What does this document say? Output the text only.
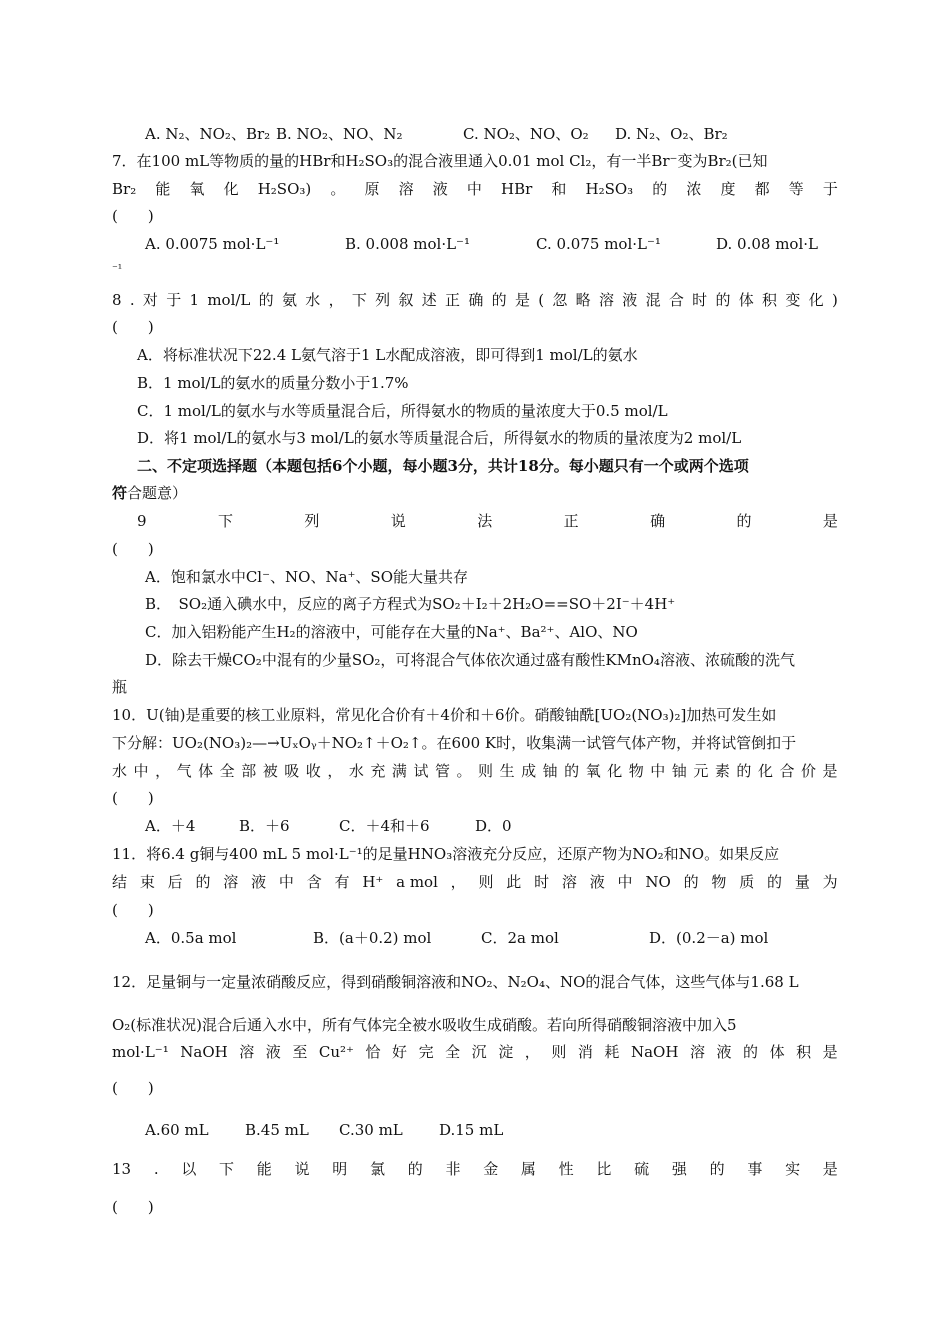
A. N₂、NO₂、Br₂ B. NO₂、NO、N₂	C. NO₂、NO、O₂	D. N₂、O₂、Br₂
7．在100 mL等物质的量的HBr和H₂SO₃的混合液里通入0.01 mol Cl₂，有一半Br⁻变为Br₂(已知
Br₂ 能 氧 化 H₂SO₃) 。 原 溶 液 中 HBr 和 H₂SO₃ 的 浓 度 都 等 于
(　　)
A. 0.0075 mol·L⁻¹	B. 0.008 mol·L⁻¹	C. 0.075 mol·L⁻¹	D. 0.08 mol·L
⁻¹
8 . 对 于 1 mol/L 的 氨 水 ， 下 列 叙 述 正 确 的 是 ( 忽 略 溶 液 混 合 时 的 体 积 变 化 )
(　　)
A．将标准状况下22.4 L氨气溶于1 L水配成溶液，即可得到1 mol/L的氨水
B．1 mol/L的氨水的质量分数小于1.7%
C．1 mol/L的氨水与水等质量混合后，所得氨水的物质的量浓度大于0.5 mol/L
D．将1 mol/L的氨水与3 mol/L的氨水等质量混合后，所得氨水的物质的量浓度为2 mol/L
二、不定项选择题（本题包括6个小题，每小题3分，共计18分。每小题只有一个或两个选项
符合题意）
9	下	列	说	法	正	确	的	是
(　　)
A．饱和氯水中Cl⁻、NO、Na⁺、SO能大量共存
B．　SO₂通入碘水中，反应的离子方程式为SO₂＋I₂＋2H₂O==SO＋2I⁻＋4H⁺
C．加入铝粉能产生H₂的溶液中，可能存在大量的Na⁺、Ba²⁺、AlO、NO
D．除去干燥CO₂中混有的少量SO₂，可将混合气体依次通过盛有酸性KMnO₄溶液、浓硫酸的洗气
瓶
10．U(铀)是重要的核工业原料，常见化合价有＋4价和＋6价。硝酸铀酰[UO₂(NO₃)₂]加热可发生如
下分解：UO₂(NO₃)₂—→UₓOᵧ＋NO₂↑＋O₂↑。在600 K时，收集满一试管气体产物，并将试管倒扣于
水 中 ， 气 体 全 部 被 吸 收 ， 水 充 满 试 管 。 则 生 成 铀 的 氧 化 物 中 铀 元 素 的 化 合 价 是
(　　)
A．＋4	B．＋6	C．＋4和＋6	D．0
11．将6.4 g铜与400 mL 5 mol·L⁻¹的足量HNO₃溶液充分反应，还原产物为NO₂和NO。如果反应
结 束 后 的 溶 液 中 含 有 H⁺ a mol ， 则 此 时 溶 液 中 NO 的 物 质 的 量 为
(　　)
A．0.5a mol	B．(a＋0.2) mol	C．2a mol	D．(0.2－a) mol
12．足量铜与一定量浓硝酸反应，得到硝酸铜溶液和NO₂、N₂O₄、NO的混合气体，这些气体与1.68 L
O₂(标准状况)混合后通入水中，所有气体完全被水吸收生成硝酸。若向所得硝酸铜溶液中加入5
mol·L⁻¹ NaOH 溶 液 至 Cu²⁺ 恰 好 完 全 沉 淀 ， 则 消 耗 NaOH 溶 液 的 体 积 是
(　　)
A.60 mL	B.45 mL	C.30 mL	D.15 mL
13 . 以 下 能 说 明 氯 的 非 金 属 性 比 硫 强 的 事 实 是
(　　)
